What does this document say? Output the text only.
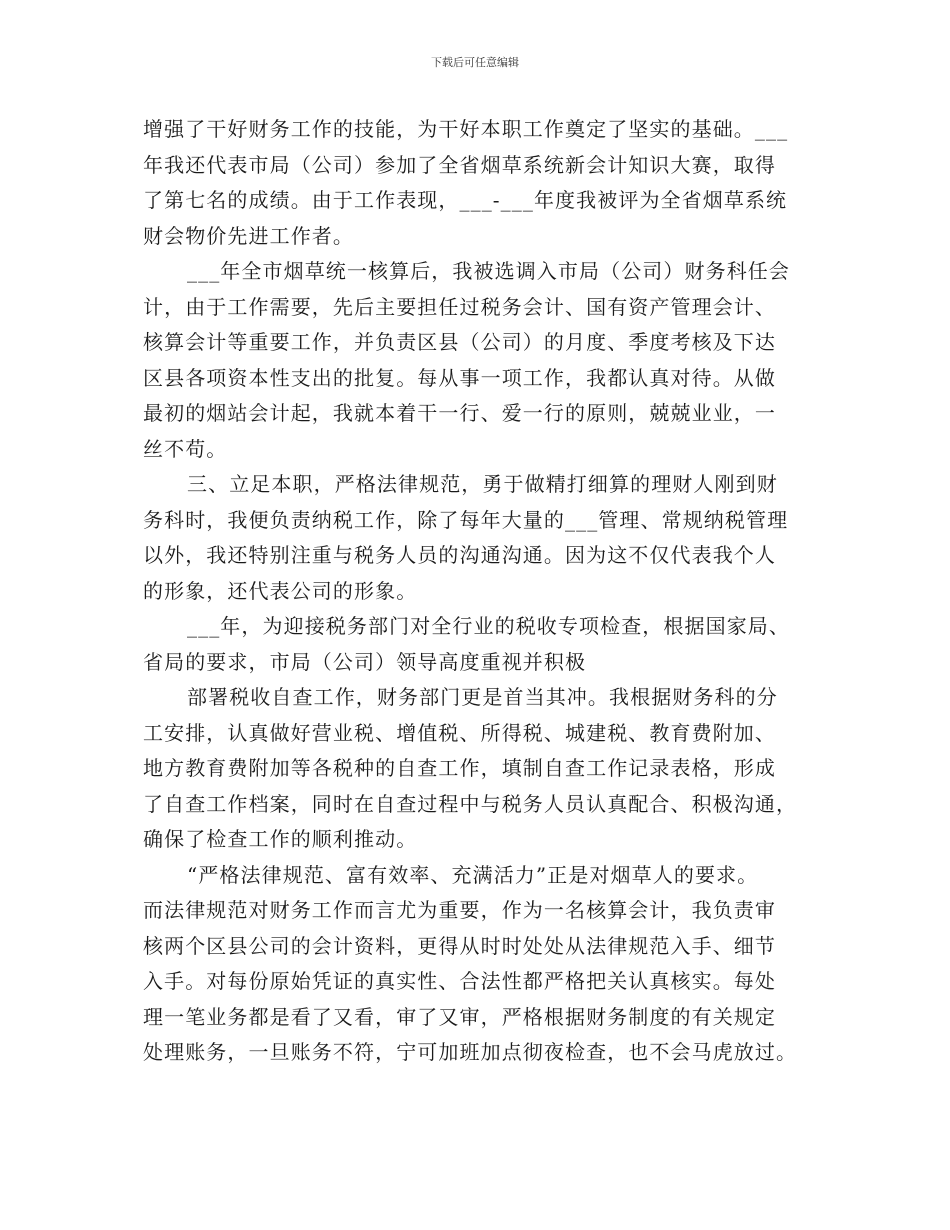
下载后可任意编辑
增强了干好财务工作的技能，为干好本职工作奠定了坚实的基础。___
年我还代表市局（公司）参加了全省烟草系统新会计知识大赛，取得
了第七名的成绩。由于工作表现，___-___年度我被评为全省烟草系统
财会物价先进工作者。
___年全市烟草统一核算后，我被选调入市局（公司）财务科任会
计，由于工作需要，先后主要担任过税务会计、国有资产管理会计、
核算会计等重要工作，并负责区县（公司）的月度、季度考核及下达
区县各项资本性支出的批复。每从事一项工作，我都认真对待。从做
最初的烟站会计起，我就本着干一行、爱一行的原则，兢兢业业，一
丝不苟。
三、立足本职，严格法律规范，勇于做精打细算的理财人刚到财
务科时，我便负责纳税工作，除了每年大量的___管理、常规纳税管理
以外，我还特别注重与税务人员的沟通沟通。因为这不仅代表我个人
的形象，还代表公司的形象。
___年，为迎接税务部门对全行业的税收专项检查，根据国家局、
省局的要求，市局（公司）领导高度重视并积极
部署税收自查工作，财务部门更是首当其冲。我根据财务科的分
工安排，认真做好营业税、增值税、所得税、城建税、教育费附加、
地方教育费附加等各税种的自查工作，填制自查工作记录表格，形成
了自查工作档案，同时在自查过程中与税务人员认真配合、积极沟通，
确保了检查工作的顺利推动。
“严格法律规范、富有效率、充满活力”正是对烟草人的要求。
而法律规范对财务工作而言尤为重要，作为一名核算会计，我负责审
核两个区县公司的会计资料，更得从时时处处从法律规范入手、细节
入手。对每份原始凭证的真实性、合法性都严格把关认真核实。每处
理一笔业务都是看了又看，审了又审，严格根据财务制度的有关规定
处理账务，一旦账务不符，宁可加班加点彻夜检查，也不会马虎放过。
